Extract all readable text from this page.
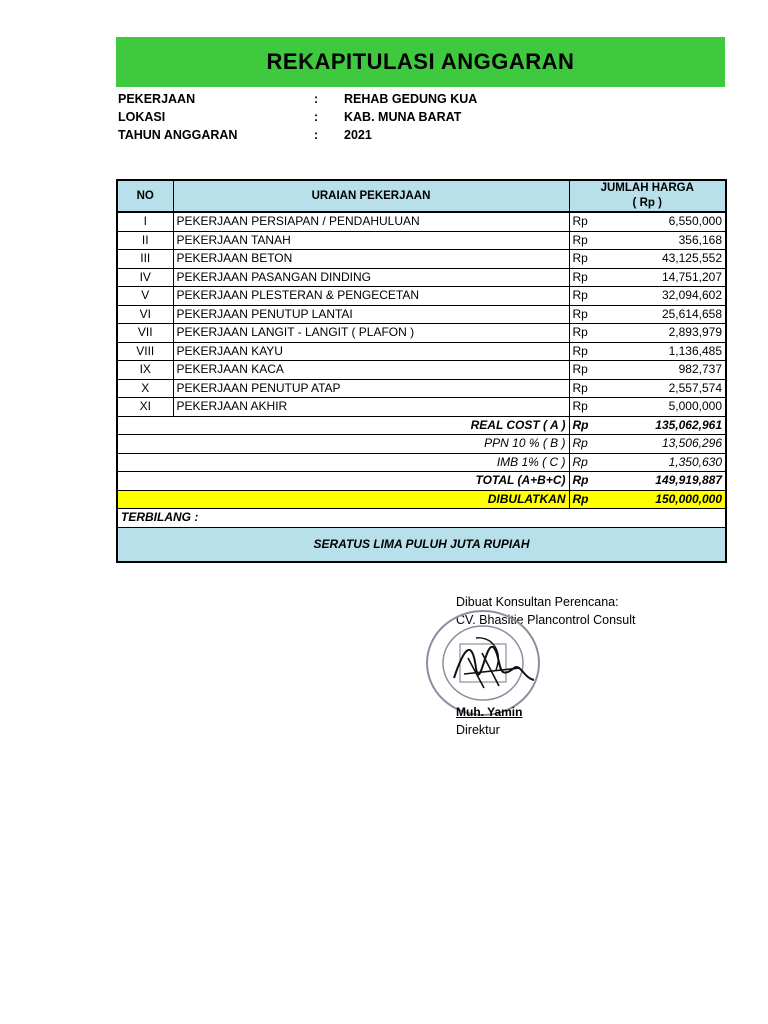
REKAPITULASI ANGGARAN
PEKERJAAN	: REHAB GEDUNG KUA
LOKASI	: KAB. MUNA BARAT
TAHUN ANGGARAN	: 2021
NO	URAIAN PEKERJAAN	JUMLAH HARGA
( Rp )	

I	PEKERJAAN PERSIAPAN / PENDAHULUAN	Rp	6,550,000
II	PEKERJAAN TANAH	Rp	356,168
III	PEKERJAAN BETON	Rp	43,125,552
IV	PEKERJAAN PASANGAN DINDING	Rp	14,751,207
V	PEKERJAAN PLESTERAN & PENGECETAN	Rp	32,094,602
VI	PEKERJAAN PENUTUP LANTAI	Rp	25,614,658
VII	PEKERJAAN LANGIT - LANGIT ( PLAFON )	Rp	2,893,979
VIII	PEKERJAAN KAYU	Rp	1,136,485
IX	PEKERJAAN KACA	Rp	982,737
X	PEKERJAAN PENUTUP ATAP	Rp	2,557,574
XI	PEKERJAAN AKHIR	Rp	5,000,000
REAL COST ( A )		Rp	135,062,961
PPN 10 % ( B )		Rp	13,506,296
IMB 1% ( C )		Rp	1,350,630
TOTAL (A+B+C)		Rp	149,919,887
DIBULATKAN		Rp	150,000,000
TERBILANG :			
SERATUS LIMA PULUH JUTA RUPIAH			
Dibuat Konsultan Perencana:
CV. Bhasitie Plancontrol Consult
Muh. Yamin
Direktur
